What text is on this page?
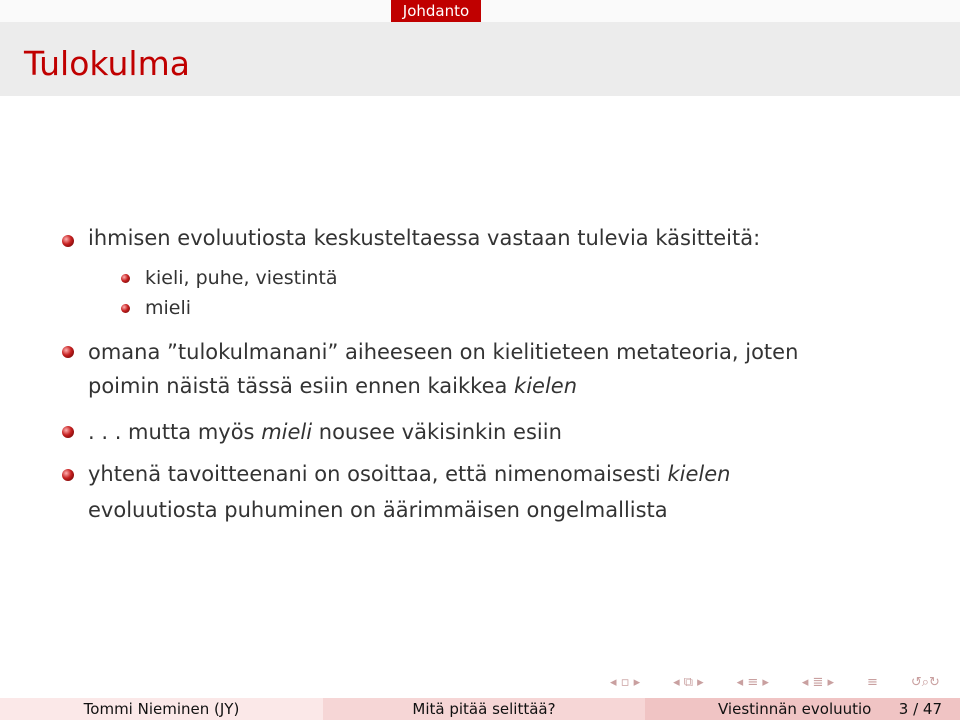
Johdanto
Tulokulma
ihmisen evoluutiosta keskusteltaessa vastaan tulevia käsitteitä:
kieli, puhe, viestintä
mieli
omana ”tulokulmanani” aiheeseen on kielitieteen metateoria, joten
poimin näistä tässä esiin ennen kaikkea kielen
. . . mutta myös mieli nousee väkisinkin esiin
yhtenä tavoitteenani on osoittaa, että nimenomaisesti kielen
evoluutiosta puhuminen on äärimmäisen ongelmallista
◂ ▫ ▸	◂ ⧉ ▸	◂ ≡ ▸	◂ ≣ ▸	≡	↺⌕↻
Tommi Nieminen (JY)	Mitä pitää selittää?	Viestinnän evoluutio 3 / 47
